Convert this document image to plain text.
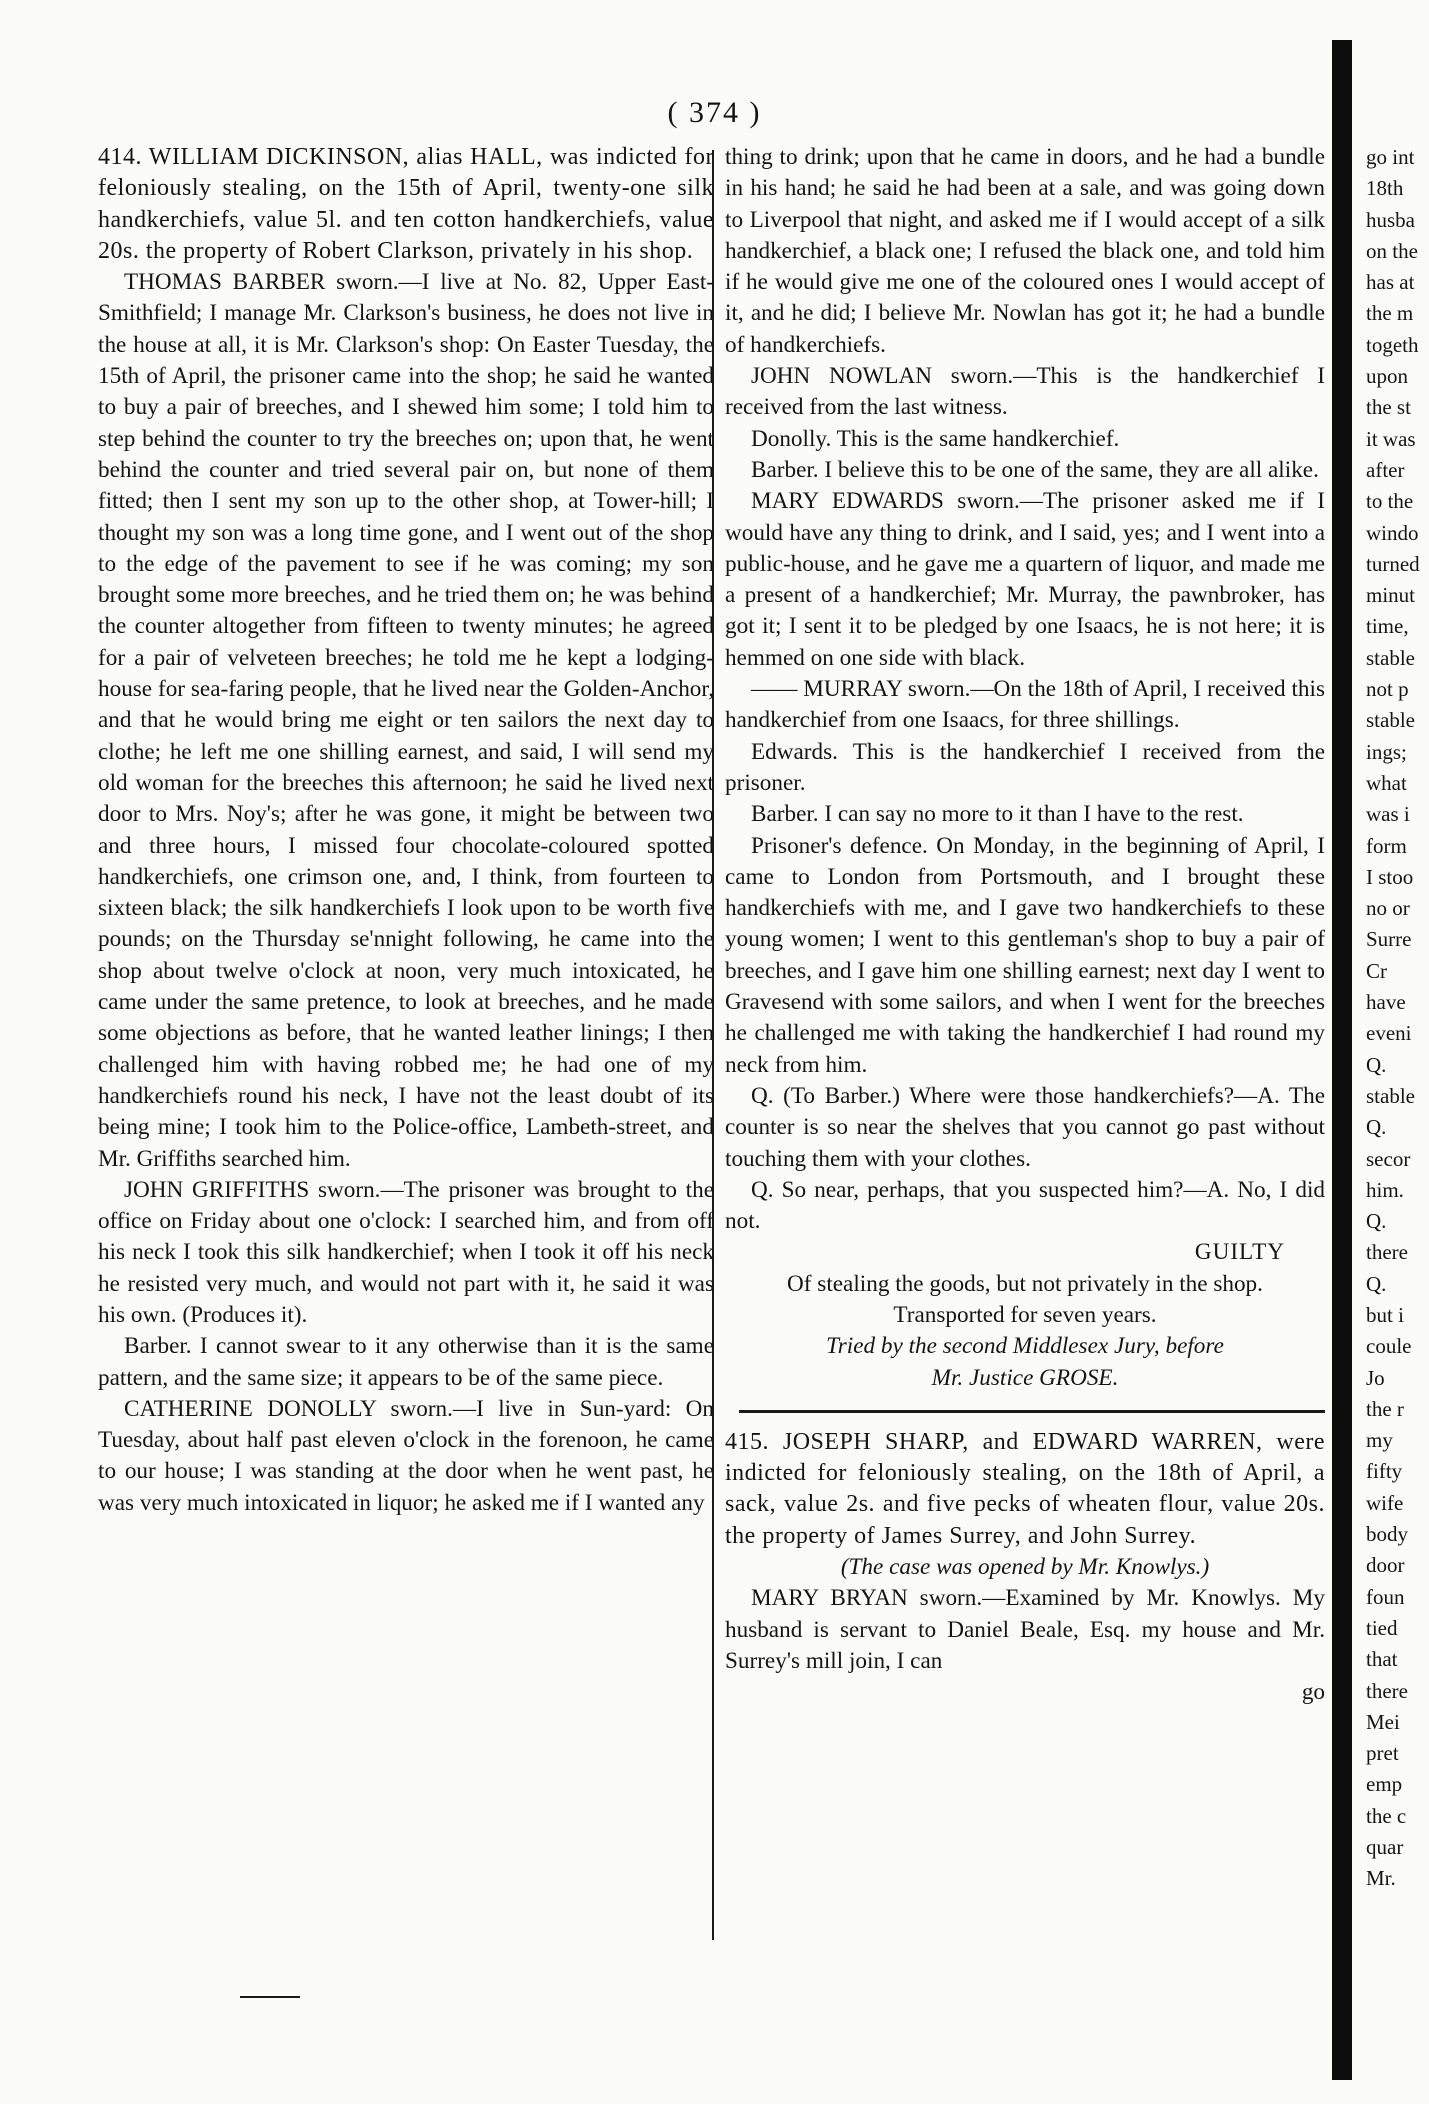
( 374 )

414. WILLIAM DICKINSON, alias HALL, was indicted for feloniously stealing, on the 15th of April, twenty-one silk handkerchiefs, value 5l. and ten cotton handkerchiefs, value 20s. the property of Robert Clarkson, privately in his shop.

THOMAS BARBER sworn.—I live at No. 82, Upper East-Smithfield; I manage Mr. Clarkson's business, he does not live in the house at all, it is Mr. Clarkson's shop: On Easter Tuesday, the 15th of April, the prisoner came into the shop; he said he wanted to buy a pair of breeches, and I shewed him some; I told him to step behind the counter to try the breeches on; upon that, he went behind the counter and tried several pair on, but none of them fitted; then I sent my son up to the other shop, at Tower-hill; I thought my son was a long time gone, and I went out of the shop to the edge of the pavement to see if he was coming; my son brought some more breeches, and he tried them on; he was behind the counter altogether from fifteen to twenty minutes; he agreed for a pair of velveteen breeches; he told me he kept a lodging-house for sea-faring people, that he lived near the Golden-Anchor, and that he would bring me eight or ten sailors the next day to clothe; he left me one shilling earnest, and said, I will send my old woman for the breeches this afternoon; he said he lived next door to Mrs. Noy's; after he was gone, it might be between two and three hours, I missed four chocolate-coloured spotted handkerchiefs, one crimson one, and, I think, from fourteen to sixteen black; the silk handkerchiefs I look upon to be worth five pounds; on the Thursday se'nnight following, he came into the shop about twelve o'clock at noon, very much intoxicated, he came under the same pretence, to look at breeches, and he made some objections as before, that he wanted leather linings; I then challenged him with having robbed me; he had one of my handkerchiefs round his neck, I have not the least doubt of its being mine; I took him to the Police-office, Lambeth-street, and Mr. Griffiths searched him.

JOHN GRIFFITHS sworn.—The prisoner was brought to the office on Friday about one o'clock: I searched him, and from off his neck I took this silk handkerchief; when I took it off his neck he resisted very much, and would not part with it, he said it was his own. (Produces it).

Barber. I cannot swear to it any otherwise than it is the same pattern, and the same size; it appears to be of the same piece.

CATHERINE DONOLLY sworn.—I live in Sun-yard: On Tuesday, about half past eleven o'clock in the forenoon, he came to our house; I was standing at the door when he went past, he was very much intoxicated in liquor; he asked me if I wanted any

thing to drink; upon that he came in doors, and he had a bundle in his hand; he said he had been at a sale, and was going down to Liverpool that night, and asked me if I would accept of a silk handkerchief, a black one; I refused the black one, and told him if he would give me one of the coloured ones I would accept of it, and he did; I believe Mr. Nowlan has got it; he had a bundle of handkerchiefs.

JOHN NOWLAN sworn.—This is the handkerchief I received from the last witness.

Donolly. This is the same handkerchief.

Barber. I believe this to be one of the same, they are all alike.

MARY EDWARDS sworn.—The prisoner asked me if I would have any thing to drink, and I said, yes; and I went into a public-house, and he gave me a quartern of liquor, and made me a present of a handkerchief; Mr. Murray, the pawnbroker, has got it; I sent it to be pledged by one Isaacs, he is not here; it is hemmed on one side with black.

—— MURRAY sworn.—On the 18th of April, I received this handkerchief from one Isaacs, for three shillings.

Edwards. This is the handkerchief I received from the prisoner.

Barber. I can say no more to it than I have to the rest.

Prisoner's defence. On Monday, in the beginning of April, I came to London from Portsmouth, and I brought these handkerchiefs with me, and I gave two handkerchiefs to these young women; I went to this gentleman's shop to buy a pair of breeches, and I gave him one shilling earnest; next day I went to Gravesend with some sailors, and when I went for the breeches he challenged me with taking the handkerchief I had round my neck from him.

Q. (To Barber.) Where were those handkerchiefs?—A. The counter is so near the shelves that you cannot go past without touching them with your clothes.

Q. So near, perhaps, that you suspected him?—A. No, I did not.

GUILTY

Of stealing the goods, but not privately in the shop.

Transported for seven years.

Tried by the second Middlesex Jury, before

Mr. Justice GROSE.

415. JOSEPH SHARP, and EDWARD WARREN, were indicted for feloniously stealing, on the 18th of April, a sack, value 2s. and five pecks of wheaten flour, value 20s. the property of James Surrey, and John Surrey.

(The case was opened by Mr. Knowlys.)

MARY BRYAN sworn.—Examined by Mr. Knowlys. My husband is servant to Daniel Beale, Esq. my house and Mr. Surrey's mill join, I can

go

go int
18th
husba
on the
has at
the m
togeth
upon
the st
it was
after
to the
windo
turned
minut
time,
stable
not p
stable
ings;
what
was i
form
I stoo
no or
Surre
Cr
have
eveni
Q.
stable
Q.
secor
him.
Q.
there
Q.
but i
coule
Jo
the r
my
fifty
wife
body
door
foun
tied
that
there
Mei
pret
emp
the c
quar
Mr.
